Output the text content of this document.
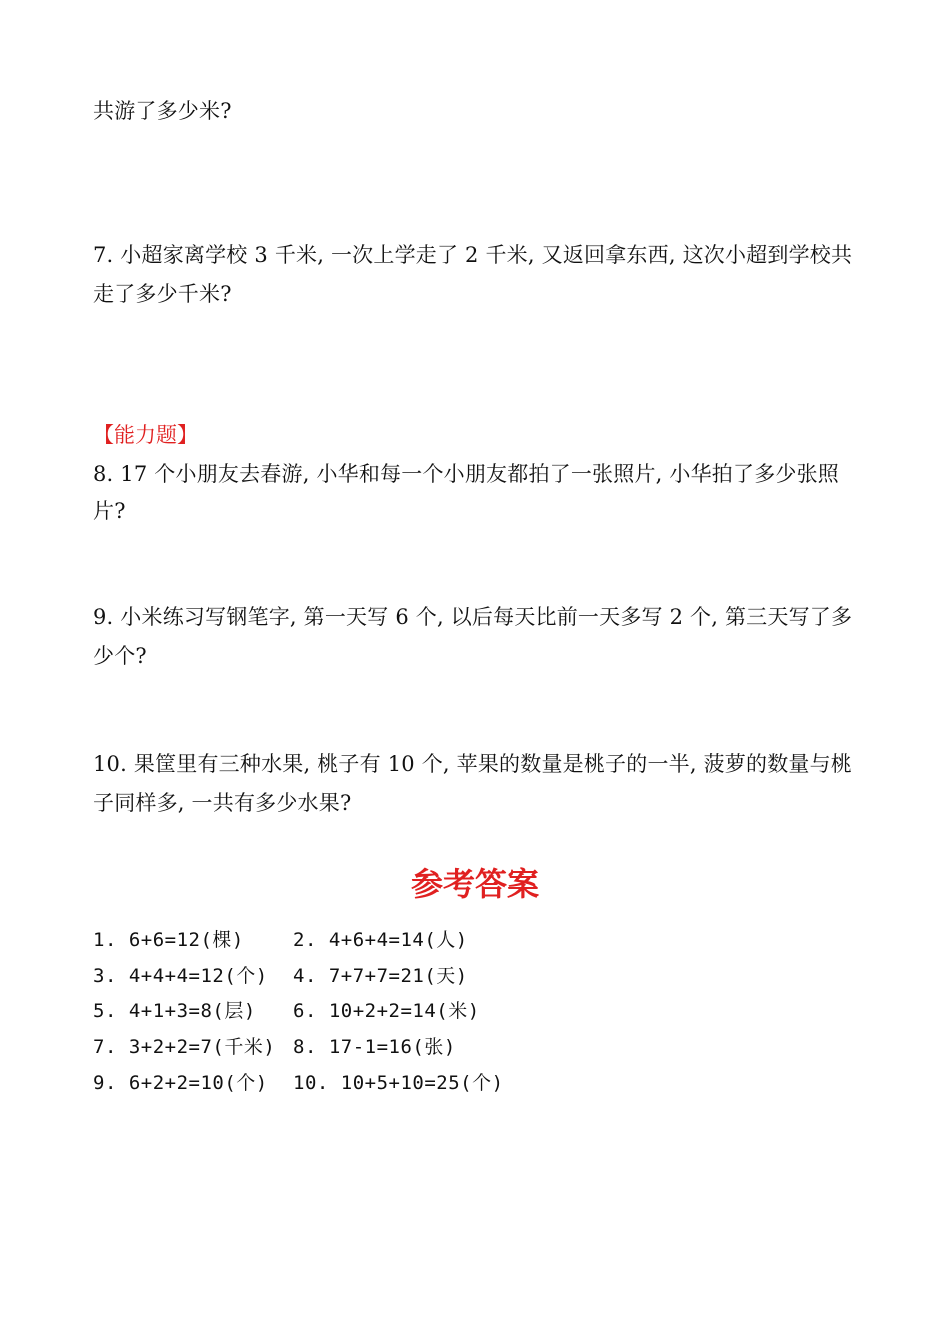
共游了多少米?
7. 小超家离学校 3 千米, 一次上学走了 2 千米, 又返回拿东西, 这次小超到学校共
走了多少千米?
【能力题】
8. 17 个小朋友去春游, 小华和每一个小朋友都拍了一张照片, 小华拍了多少张照
片?
9. 小米练习写钢笔字, 第一天写 6 个, 以后每天比前一天多写 2 个, 第三天写了多
少个?
10. 果筐里有三种水果, 桃子有 10 个, 苹果的数量是桃子的一半, 菠萝的数量与桃
子同样多, 一共有多少水果?
参考答案
1. 6+6=12(棵)	2. 4+6+4=14(人)
3. 4+4+4=12(个) 4. 7+7+7=21(天)
5. 4+1+3=8(层) 6. 10+2+2=14(米)
7. 3+2+2=7(千米) 8. 17-1=16(张)
9. 6+2+2=10(个) 10. 10+5+10=25(个)
